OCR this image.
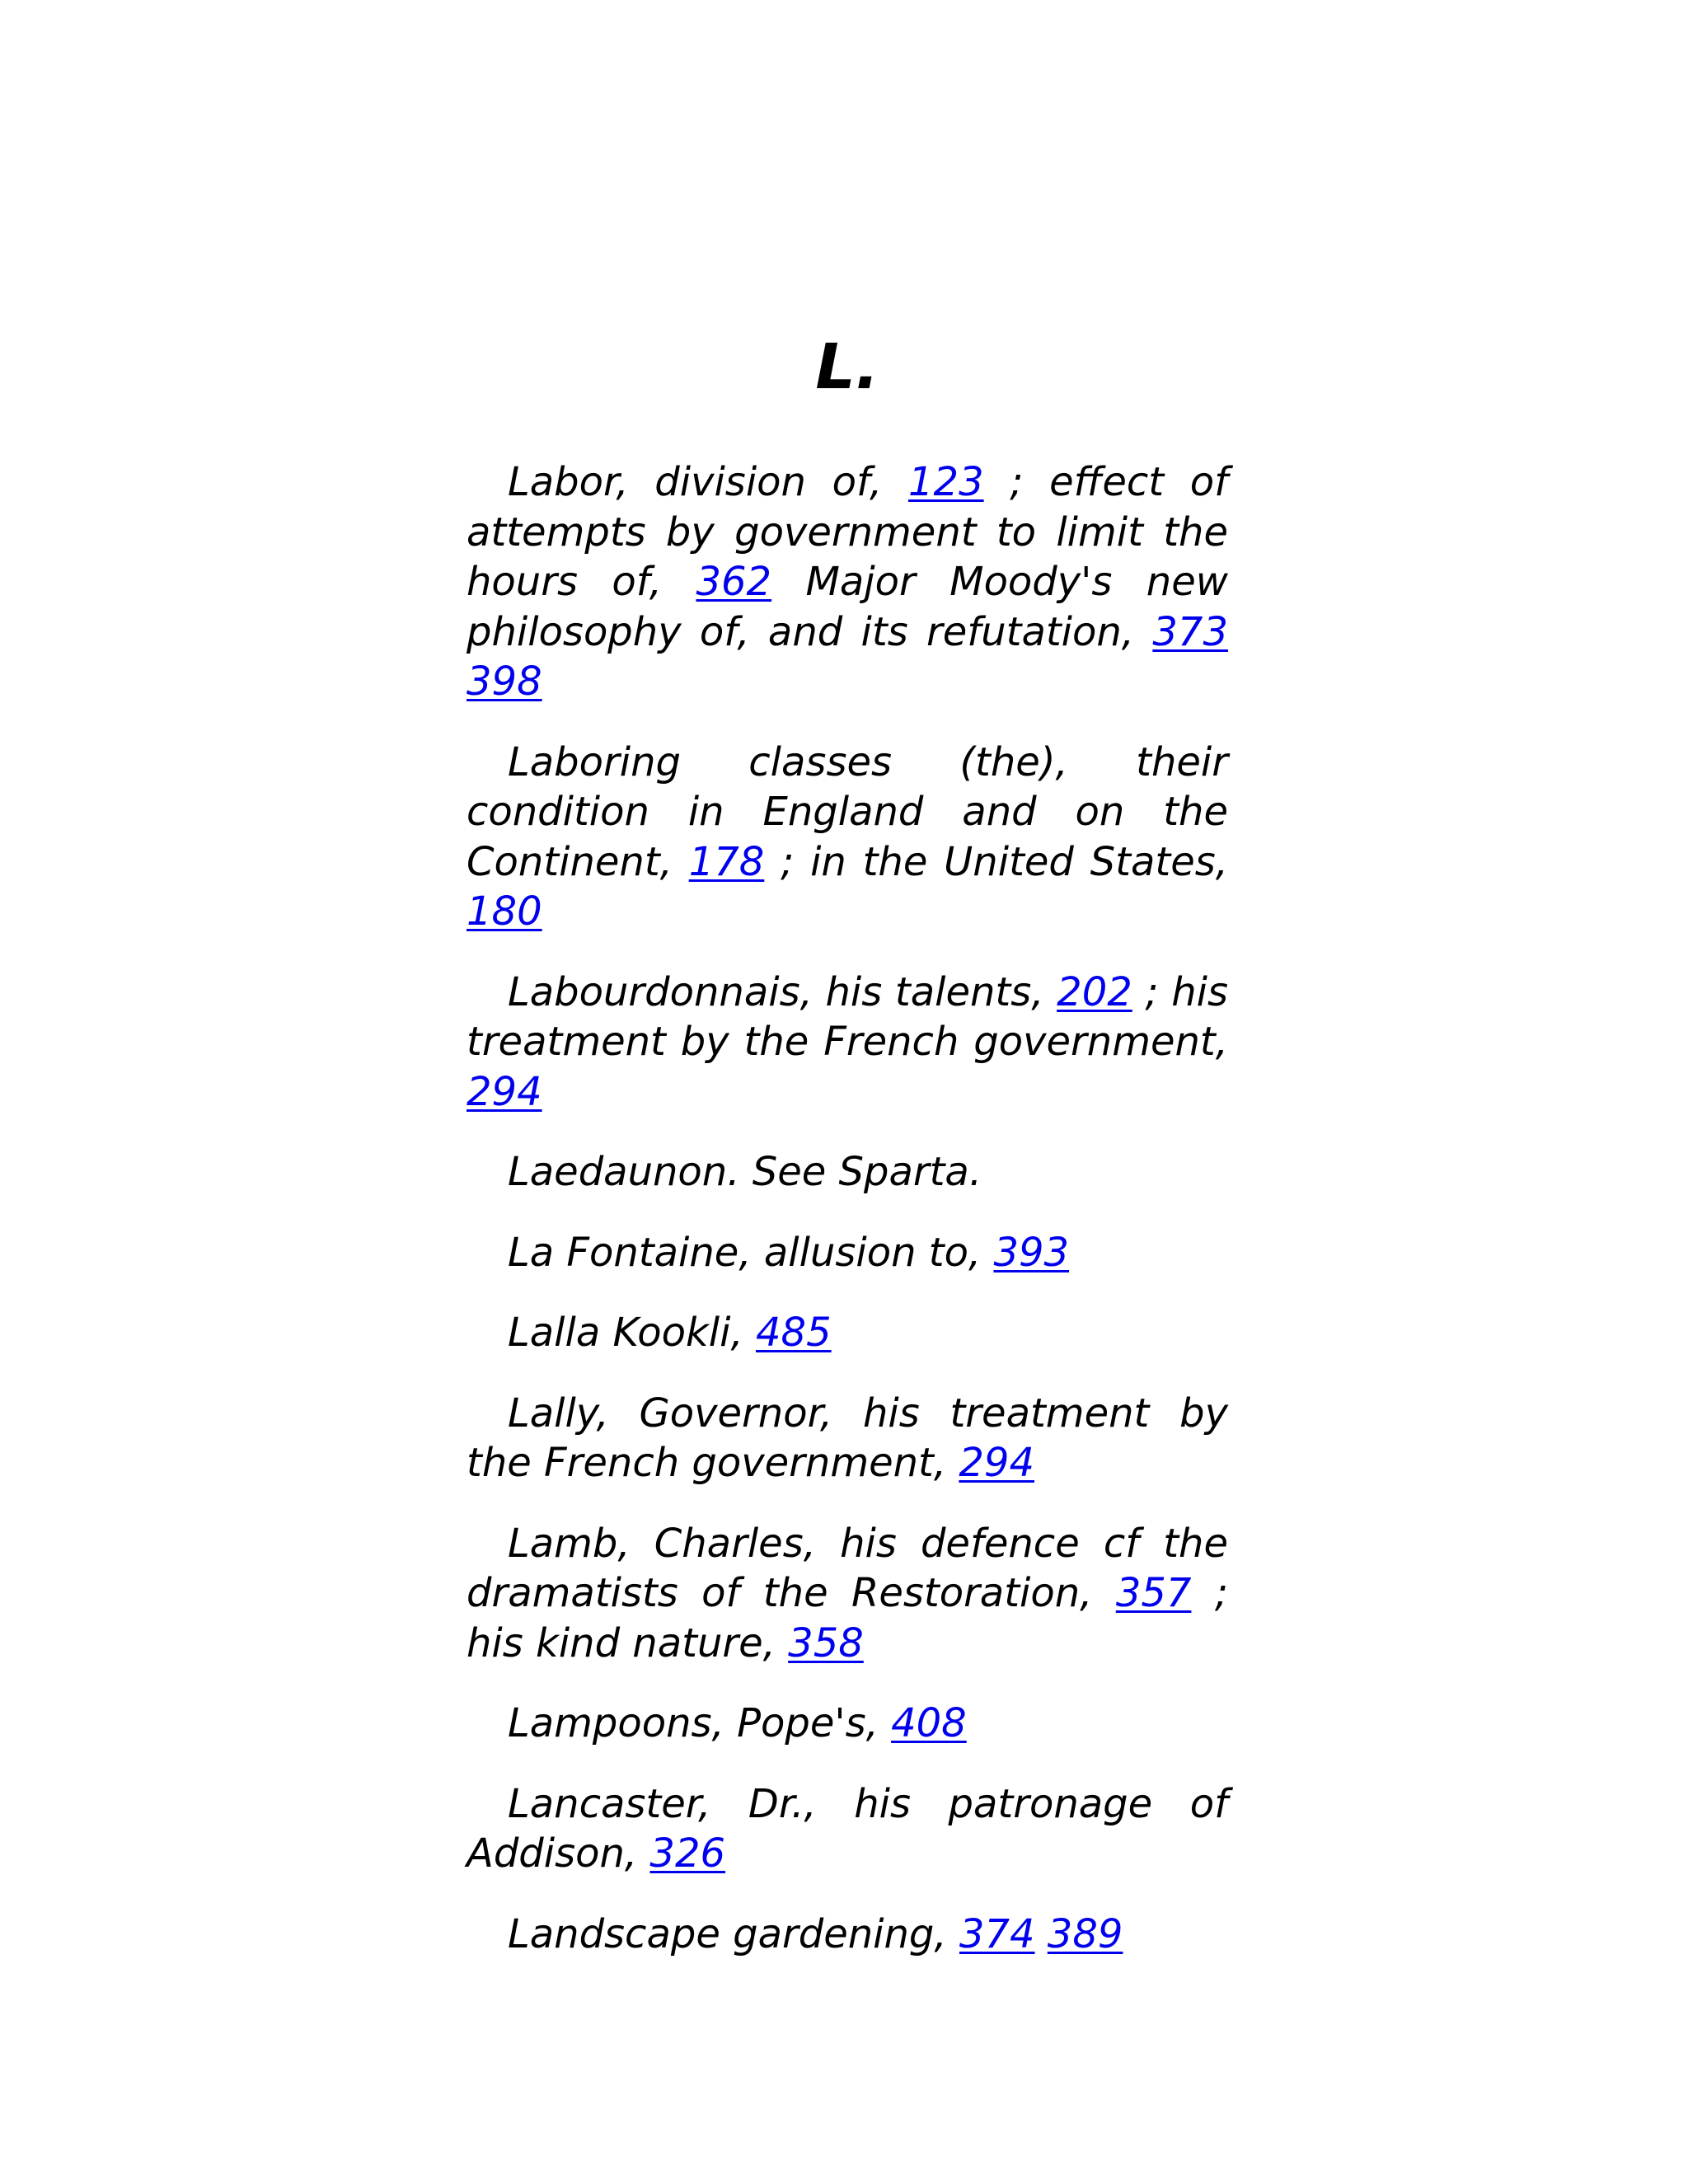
L.

Labor, division of, 123 ; effect of attempts by government to limit the hours of, 362 Major Moody's new philosophy of, and its refutation, 373 398

Laboring classes (the), their condition in England and on the Continent, 178 ; in the United States, 180

Labourdonnais, his talents, 202 ; his treatment by the French government, 294

Laedaunon. See Sparta.

La Fontaine, allusion to, 393

Lalla Kookli, 485

Lally, Governor, his treatment by the French government, 294

Lamb, Charles, his defence cf the dramatists of the Restoration, 357 ; his kind nature, 358

Lampoons, Pope's, 408

Lancaster, Dr., his patronage of Addison, 326

Landscape gardening, 374 389
